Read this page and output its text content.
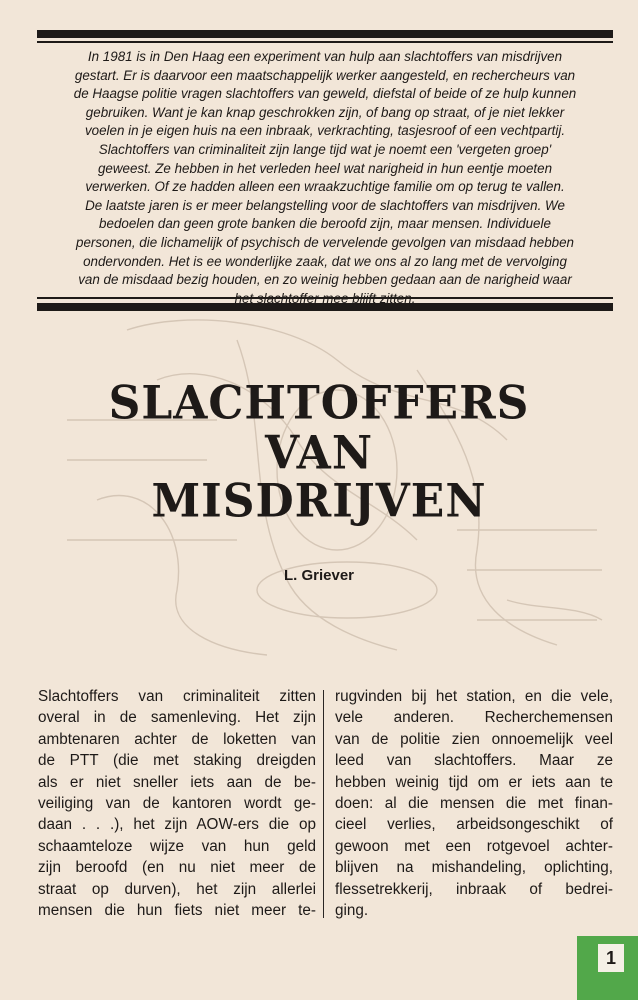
In 1981 is in Den Haag een experiment van hulp aan slachtoffers van misdrijven
gestart. Er is daarvoor een maatschappelijk werker aangesteld, en rechercheurs van
de Haagse politie vragen slachtoffers van geweld, diefstal of beide of ze hulp kunnen
gebruiken. Want je kan knap geschrokken zijn, of bang op straat, of je niet lekker
voelen in je eigen huis na een inbraak, verkrachting, tasjesroof of een vechtpartij.
Slachtoffers van criminaliteit zijn lange tijd wat je noemt een 'vergeten groep'
geweest. Ze hebben in het verleden heel wat narigheid in hun eentje moeten
verwerken. Of ze hadden alleen een wraakzuchtige familie om op terug te vallen.
De laatste jaren is er meer belangstelling voor de slachtoffers van misdrijven. We
bedoelen dan geen grote banken die beroofd zijn, maar mensen. Individuele
personen, die lichamelijk of psychisch de vervelende gevolgen van misdaad hebben
ondervonden. Het is ee wonderlijke zaak, dat we ons al zo lang met de vervolging
van de misdaad bezig houden, en zo weinig hebben gedaan aan de narigheid waar

SLACHTOFFERS
VAN
MISDRIJVEN
L. Griever
Slachtoffers van criminaliteit zitten
overal in de samenleving. Het zijn
ambtenaren achter de loketten van
de PTT (die met staking dreigden
als er niet sneller iets aan de be-
veiliging van de kantoren wordt ge-
daan . . .), het zijn AOW-ers die op
schaamteloze wijze van hun geld
zijn beroofd (en nu niet meer de
straat op durven), het zijn allerlei
mensen die hun fiets niet meer te-
rugvinden bij het station, en die vele,
vele anderen. Recherchemensen
van de politie zien onnoemelijk veel
leed van slachtoffers. Maar ze
hebben weinig tijd om er iets aan te
doen: al die mensen die met finan-
cieel verlies, arbeidsongeschikt of
gewoon met een rotgevoel achter-
blijven na mishandeling, oplichting,
flessetrekkerij, inbraak of bedrei-
ging.
1
